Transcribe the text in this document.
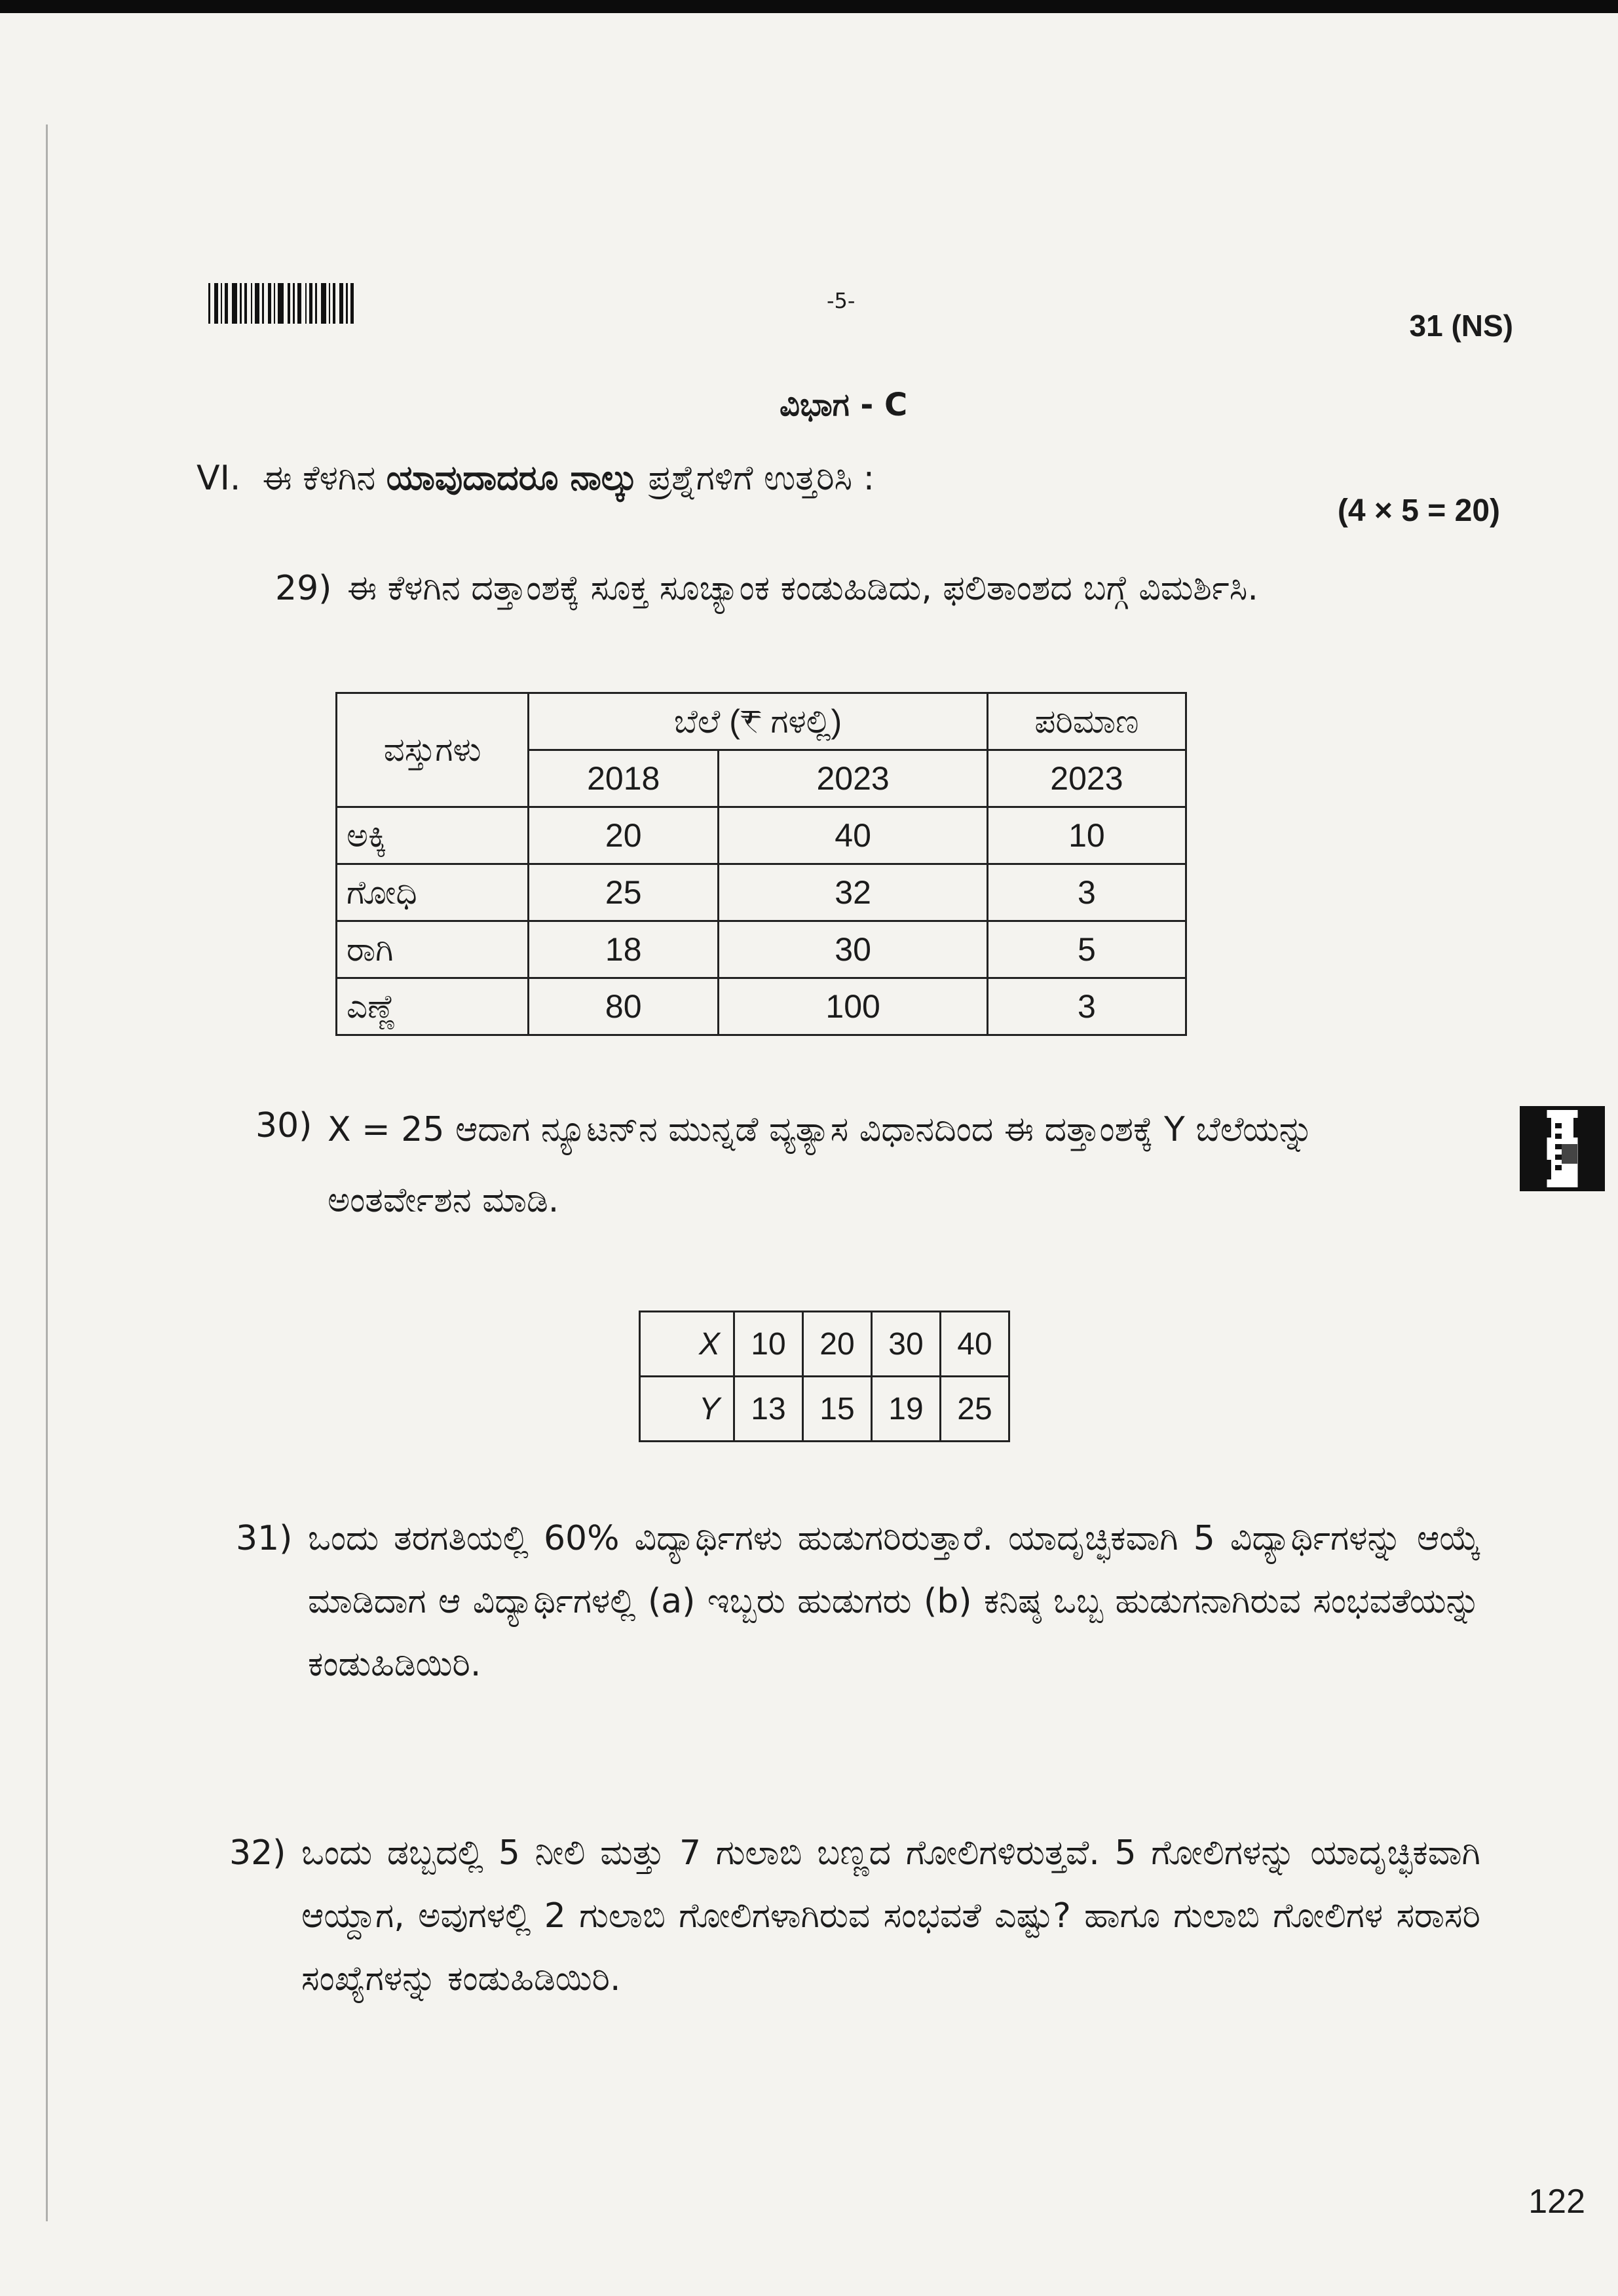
-5-
31 (NS)
ವಿಭಾಗ - C
VI. ಈ ಕೆಳಗಿನ ಯಾವುದಾದರೂ ನಾಲ್ಕು ಪ್ರಶ್ನೆಗಳಿಗೆ ಉತ್ತರಿಸಿ :
(4 × 5 = 20)
29) ಈ ಕೆಳಗಿನ ದತ್ತಾಂಶಕ್ಕೆ ಸೂಕ್ತ ಸೂಚ್ಯಾಂಕ ಕಂಡುಹಿಡಿದು, ಫಲಿತಾಂಶದ ಬಗ್ಗೆ ವಿಮರ್ಶಿಸಿ.
ವಸ್ತುಗಳು	ಬೆಲೆ (₹ ಗಳಲ್ಲಿ)		ಪರಿಮಾಣ
	2018	2023	2023
ಅಕ್ಕಿ	20	40	10
ಗೋಧಿ	25	32	3
ರಾಗಿ	18	30	5
ಎಣ್ಣೆ	80	100	3
30) X = 25 ಆದಾಗ ನ್ಯೂಟನ್‌ನ ಮುನ್ನಡೆ ವ್ಯತ್ಯಾಸ ವಿಧಾನದಿಂದ ಈ ದತ್ತಾಂಶಕ್ಕೆ Y ಬೆಲೆಯನ್ನು ಅಂತರ್ವೇಶನ ಮಾಡಿ.
X	10	20	30	40
Y	13	15	19	25
31) ಒಂದು ತರಗತಿಯಲ್ಲಿ 60% ವಿದ್ಯಾರ್ಥಿಗಳು ಹುಡುಗರಿರುತ್ತಾರೆ. ಯಾದೃಚ್ಛಿಕವಾಗಿ 5 ವಿದ್ಯಾರ್ಥಿಗಳನ್ನು ಆಯ್ಕೆ ಮಾಡಿದಾಗ ಆ ವಿದ್ಯಾರ್ಥಿಗಳಲ್ಲಿ (a) ಇಬ್ಬರು ಹುಡುಗರು (b) ಕನಿಷ್ಠ ಒಬ್ಬ ಹುಡುಗನಾಗಿರುವ ಸಂಭವತೆಯನ್ನು ಕಂಡುಹಿಡಿಯಿರಿ.
32) ಒಂದು ಡಬ್ಬದಲ್ಲಿ 5 ನೀಲಿ ಮತ್ತು 7 ಗುಲಾಬಿ ಬಣ್ಣದ ಗೋಲಿಗಳಿರುತ್ತವೆ. 5 ಗೋಲಿಗಳನ್ನು ಯಾದೃಚ್ಛಿಕವಾಗಿ ಆಯ್ದಾಗ, ಅವುಗಳಲ್ಲಿ 2 ಗುಲಾಬಿ ಗೋಲಿಗಳಾಗಿರುವ ಸಂಭವತೆ ಎಷ್ಟು? ಹಾಗೂ ಗುಲಾಬಿ ಗೋಲಿಗಳ ಸರಾಸರಿ ಸಂಖ್ಯೆಗಳನ್ನು ಕಂಡುಹಿಡಿಯಿರಿ.
122
